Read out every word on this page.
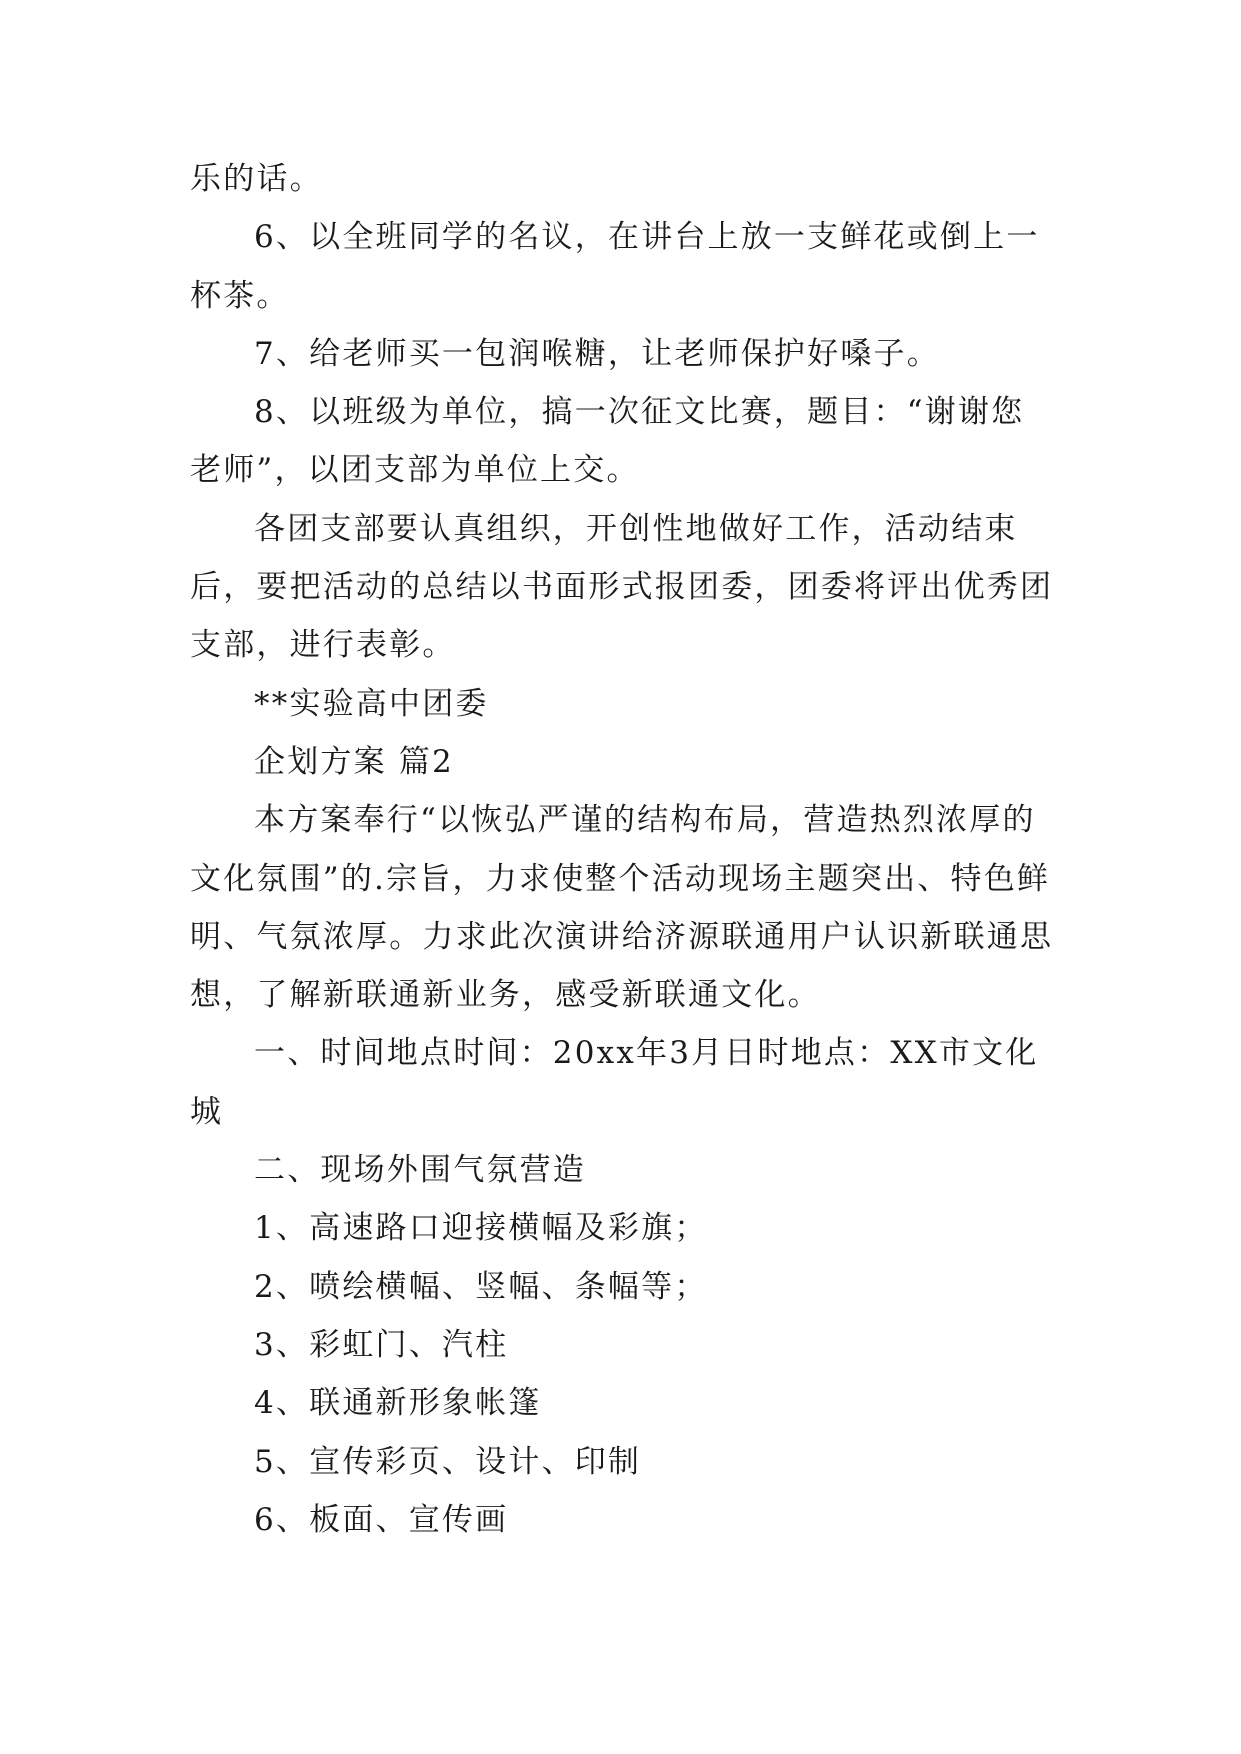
乐的话。

6、以全班同学的名议，在讲台上放一支鲜花或倒上一杯茶。

7、给老师买一包润喉糖，让老师保护好嗓子。

8、以班级为单位，搞一次征文比赛，题目：“谢谢您老师”，以团支部为单位上交。

各团支部要认真组织，开创性地做好工作，活动结束后，要把活动的总结以书面形式报团委，团委将评出优秀团支部，进行表彰。

**实验高中团委

企划方案 篇2

本方案奉行“以恢弘严谨的结构布局，营造热烈浓厚的文化氛围”的.宗旨，力求使整个活动现场主题突出、特色鲜明、气氛浓厚。力求此次演讲给济源联通用户认识新联通思想，了解新联通新业务，感受新联通文化。

一、时间地点时间：20xx年3月日时地点：XX市文化城

二、现场外围气氛营造

1、高速路口迎接横幅及彩旗；

2、喷绘横幅、竖幅、条幅等；

3、彩虹门、汽柱

4、联通新形象帐篷

5、宣传彩页、设计、印制

6、板面、宣传画
